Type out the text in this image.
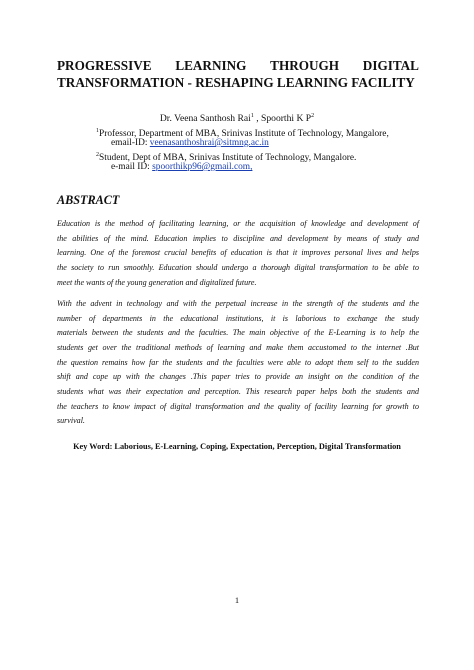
PROGRESSIVE LEARNING THROUGH DIGITAL
TRANSFORMATION - RESHAPING LEARNING FACILITY
Dr. Veena Santhosh Rai$^1$ , Spoorthi K $P^2$
$^1$Professor, Department of MBA, Srinivas Institute of Technology, Mangalore,
email-ID: veenasanthoshrai@sitmng.ac.in
$^2$Student, Dept of MBA, Srinivas Institute of Technology, Mangalore.
e-mail ID: spoorthikp96@gmail.com,
ABSTRACT
Education is the method of facilitating learning, or the acquisition of knowledge and development of
the abilities of the mind. Education implies to discipline and development by means of study and
learning. One of the foremost crucial benefits of education is that it improves personal lives and helps
the society to run smoothly. Education should undergo a thorough digital transformation to be able to
meet the wants of the young generation and digitalized future.
With the advent in technology and with the perpetual increase in the strength of the students and the
number of departments in the educational institutions, it is laborious to exchange the study
materials between the students and the faculties. The main objective of the E-Learning is to help the
students get over the traditional methods of learning and make them accustomed to the internet .But
the question remains how far the students and the faculties were able to adopt them self to the sudden
shift and cope up with the changes .This paper tries to provide an insight on the condition of the
students what was their expectation and perception. This research paper helps both the students and
the teachers to know impact of digital transformation and the quality of facility learning for growth to
survival.
Key Word: Laborious, E-Learning, Coping, Expectation, Perception, Digital Transformation
1
